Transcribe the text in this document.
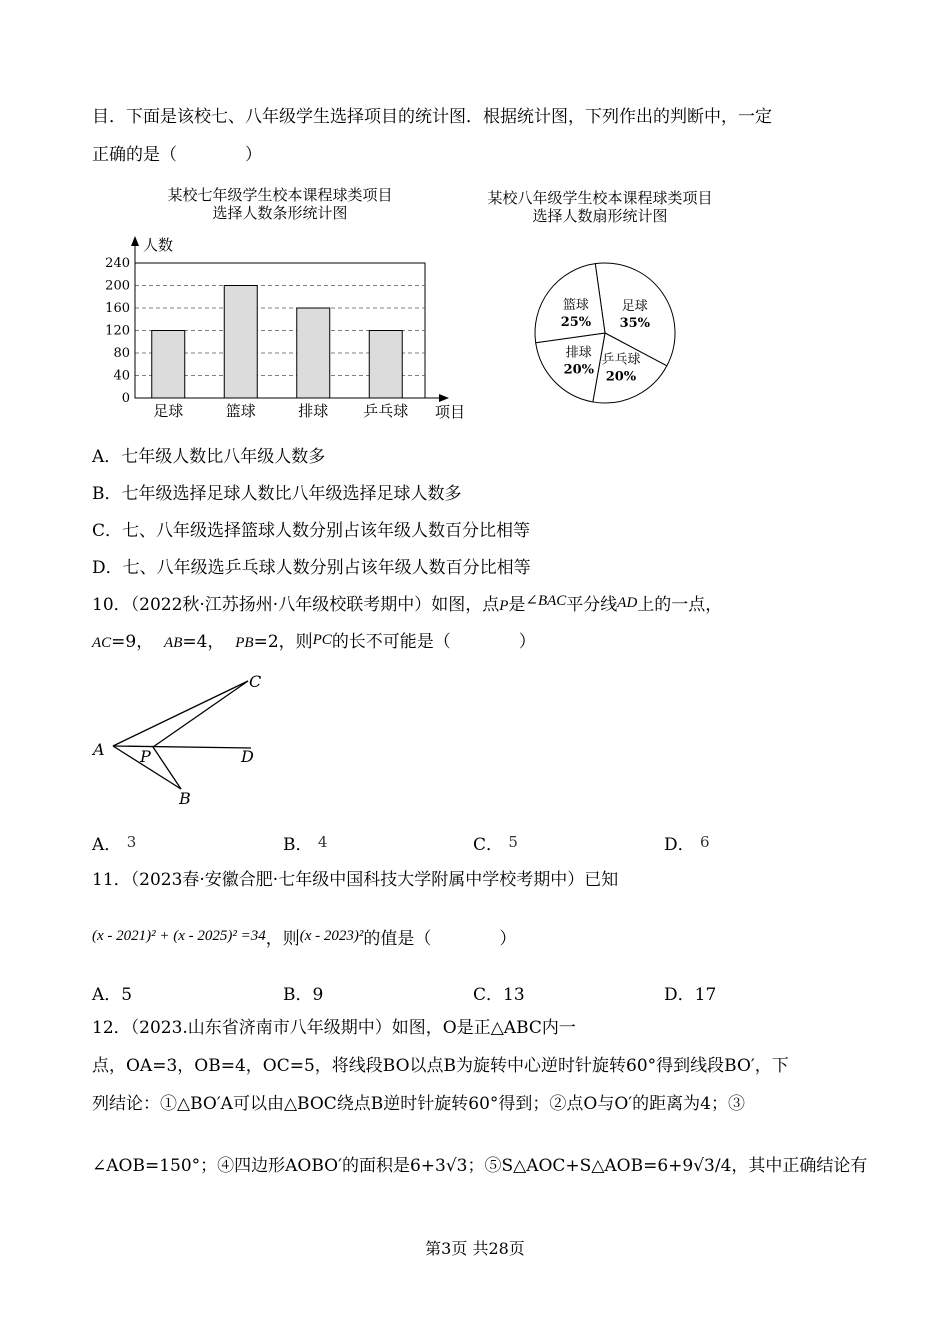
目．下面是该校七、八年级学生选择项目的统计图．根据统计图，下列作出的判断中，一定
正确的是（　　　　）
某校七年级学生校本课程球类项目
选择人数条形统计图
某校八年级学生校本课程球类项目
选择人数扇形统计图
0
40
80
120
160
200
240
人数
项目
足球	篮球	排球 乒乓球
足球
35%
乒乓球
20%
排球
20%
篮球
25%
A．七年级人数比八年级人数多
B．七年级选择足球人数比八年级选择足球人数多
C．七、八年级选择篮球人数分别占该年级人数百分比相等
D．七、八年级选乒乓球人数分别占该年级人数百分比相等
10．（2022秋·江苏扬州·八年级校联考期中）如图，点P是∠BAC平分线AD上的一点，
AC=9， AB=4， PB=2，则PC的长不可能是（　　　　）
A
C
P	D
B
A． 3	B． 4	C． 5	D． 6
11．（2023春·安徽合肥·七年级中国科技大学附属中学校考期中）已知
(x - 2021)² + (x - 2025)² =34，则(x - 2023)²的值是（　　　　）
A．5	B．9	C．13	D．17
12．（2023.山东省济南市八年级期中）如图，O是正△ABC内一
点，OA=3，OB=4，OC=5，将线段BO以点B为旋转中心逆时针旋转60°得到线段BO′，下
列结论：①△BO′A可以由△BOC绕点B逆时针旋转60°得到；②点O与O′的距离为4；③
∠AOB=150°；④四边形AOBO′的面积是6+3√3；⑤S△AOC+S△AOB=6+9√3/4，其中正确结论有
第3页 共28页
